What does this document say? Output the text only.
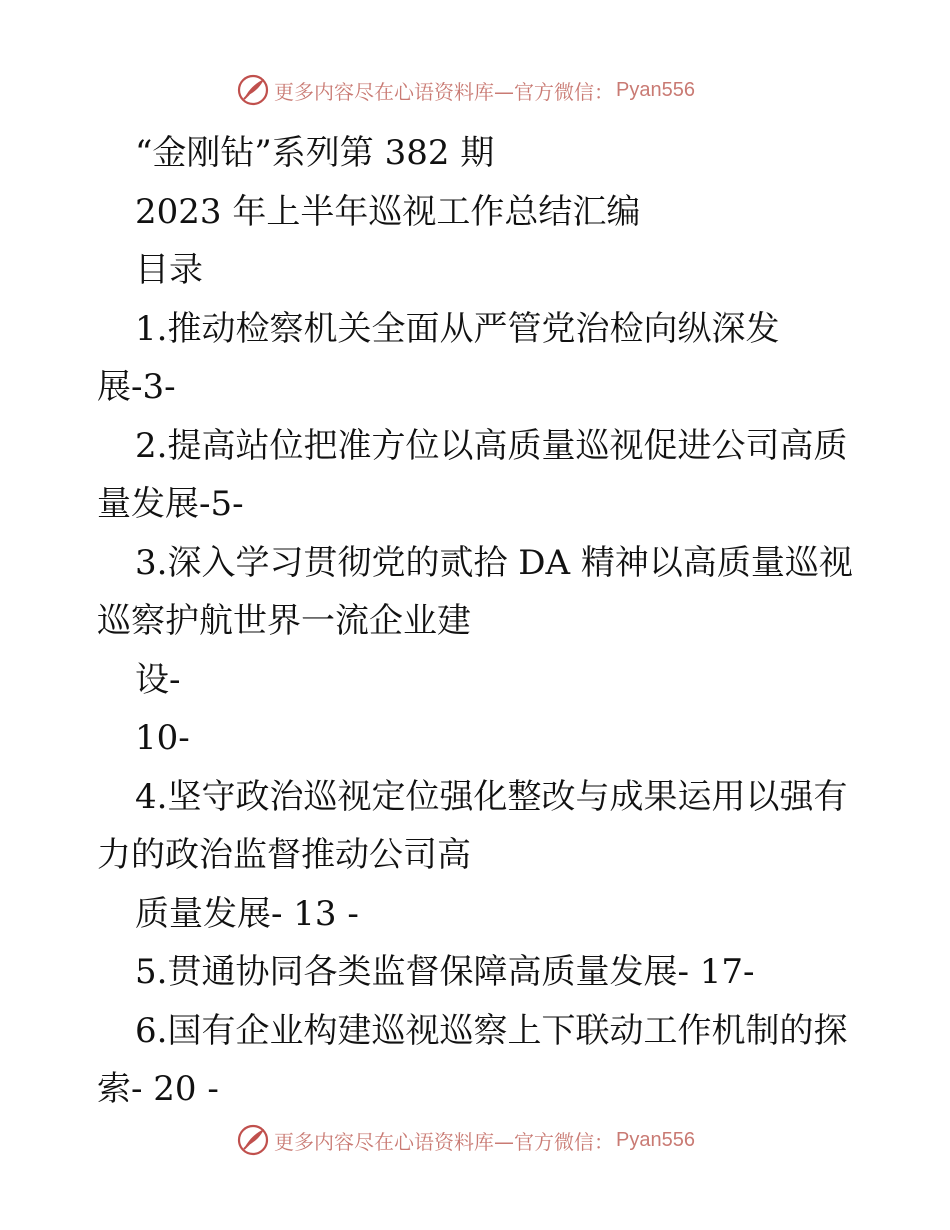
更多内容尽在心语资料库—官方微信： Pyan556
“金刚钻”系列第 382 期
2023 年上半年巡视工作总结汇编
目录
1.推动检察机关全面从严管党治检向纵深发
展-3-
2.提高站位把准方位以高质量巡视促进公司高质
量发展-5-
3.深入学习贯彻党的贰拾 DA 精神以高质量巡视
巡察护航世界一流企业建
设-
10-
4.坚守政治巡视定位强化整改与成果运用以强有
力的政治监督推动公司高
质量发展- 13 -
5.贯通协同各类监督保障高质量发展- 17-
6.国有企业构建巡视巡察上下联动工作机制的探
索- 20 -
更多内容尽在心语资料库—官方微信： Pyan556
